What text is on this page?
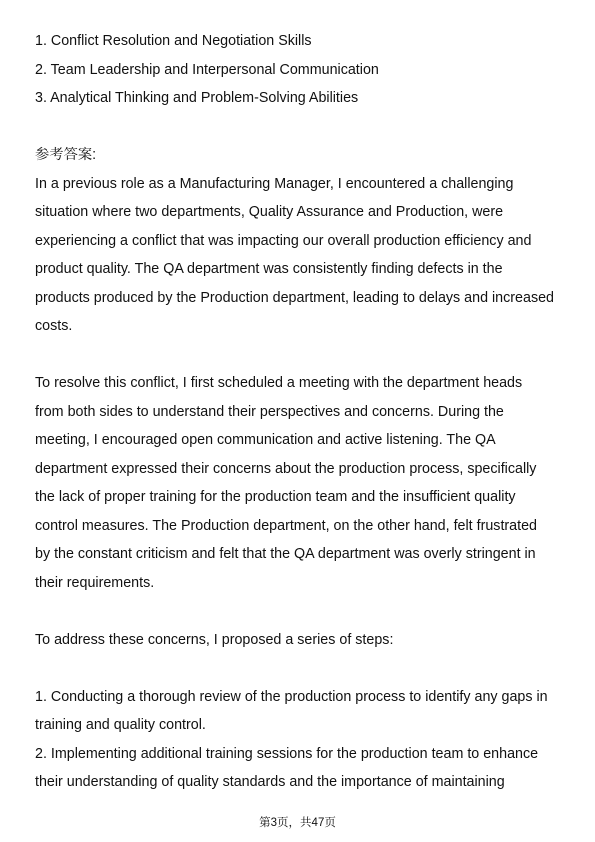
1. Conflict Resolution and Negotiation Skills

2. Team Leadership and Interpersonal Communication

3. Analytical Thinking and Problem-Solving Abilities

参考答案:

In a previous role as a Manufacturing Manager, I encountered a challenging

situation where two departments, Quality Assurance and Production, were

experiencing a conflict that was impacting our overall production efficiency and

product quality. The QA department was consistently finding defects in the

products produced by the Production department, leading to delays and increased

costs.

To resolve this conflict, I first scheduled a meeting with the department heads

from both sides to understand their perspectives and concerns. During the

meeting, I encouraged open communication and active listening. The QA

department expressed their concerns about the production process, specifically

the lack of proper training for the production team and the insufficient quality

control measures. The Production department, on the other hand, felt frustrated

by the constant criticism and felt that the QA department was overly stringent in

their requirements.

To address these concerns, I proposed a series of steps:

1. Conducting a thorough review of the production process to identify any gaps in

training and quality control.

2. Implementing additional training sessions for the production team to enhance

their understanding of quality standards and the importance of maintaining

第3页，共47页
